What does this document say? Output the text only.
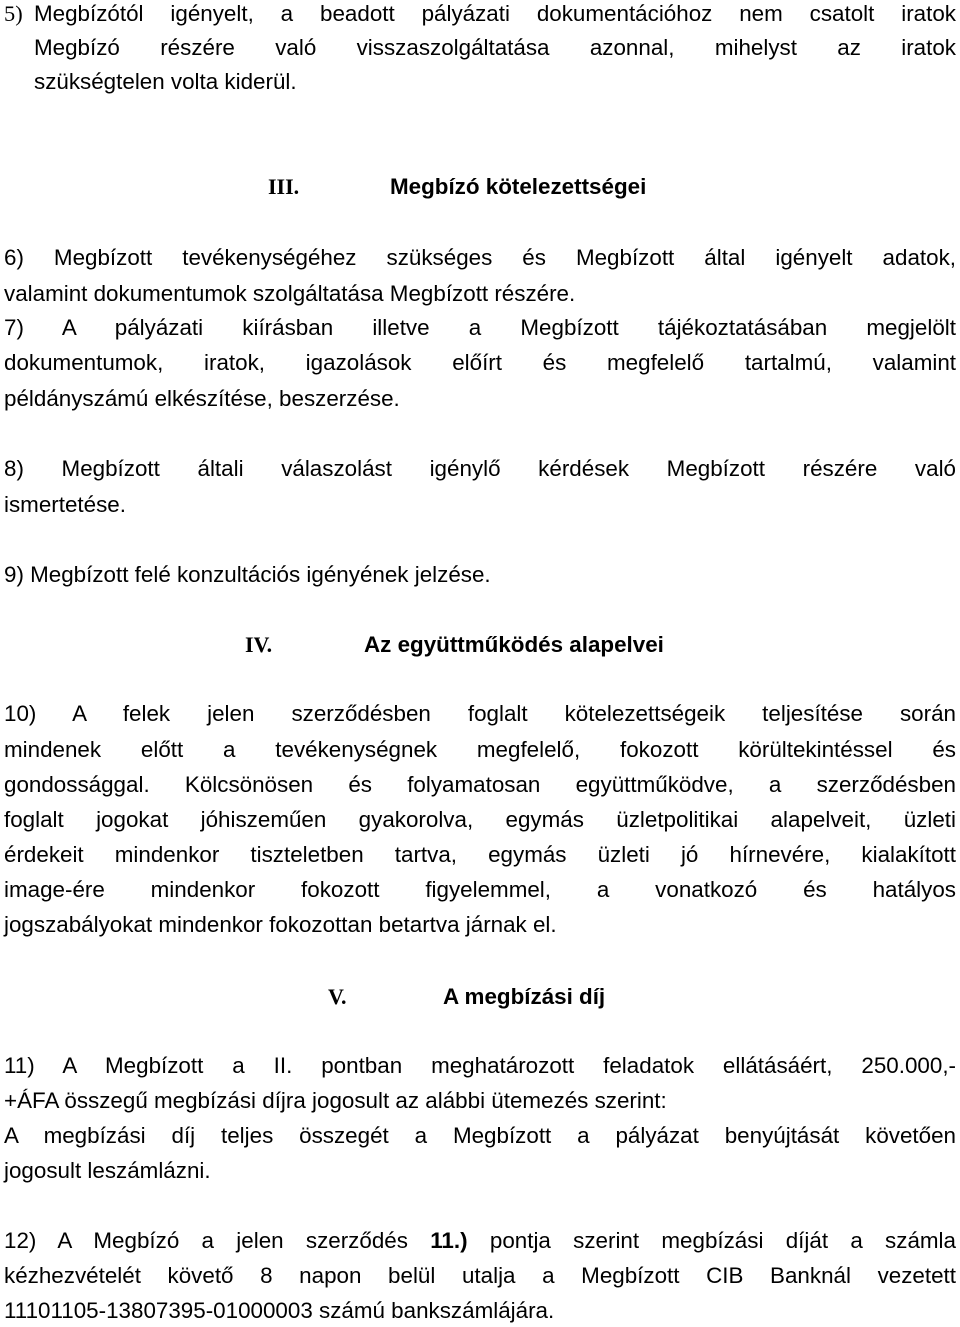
5) Megbízótól igényelt, a beadott pályázati dokumentációhoz nem csatolt iratok
Megbízó részére való visszaszolgáltatása azonnal, mihelyst az iratok
szükségtelen volta kiderül.
III.	Megbízó kötelezettségei
6) Megbízott tevékenységéhez szükséges és Megbízott által igényelt adatok,
valamint dokumentumok szolgáltatása Megbízott részére.
7) A pályázati kiírásban illetve a Megbízott tájékoztatásában megjelölt
dokumentumok, iratok, igazolások előírt és megfelelő tartalmú, valamint
példányszámú elkészítése, beszerzése.
8) Megbízott általi válaszolást igénylő kérdések Megbízott részére való
ismertetése.
9) Megbízott felé konzultációs igényének jelzése.
IV.	Az együttműködés alapelvei
10) A felek jelen szerződésben foglalt kötelezettségeik teljesítése során
mindenek előtt a tevékenységnek megfelelő, fokozott körültekintéssel és
gondossággal. Kölcsönösen és folyamatosan együttműködve, a szerződésben
foglalt jogokat jóhiszeműen gyakorolva, egymás üzletpolitikai alapelveit, üzleti
érdekeit mindenkor tiszteletben tartva, egymás üzleti jó hírnevére, kialakított
image-ére mindenkor fokozott figyelemmel, a vonatkozó és hatályos
jogszabályokat mindenkor fokozottan betartva járnak el.
V.	A megbízási díj
11) A Megbízott a II. pontban meghatározott feladatok ellátásáért, 250.000,-
+ÁFA összegű megbízási díjra jogosult az alábbi ütemezés szerint:
A megbízási díj teljes összegét a Megbízott a pályázat benyújtását követően
jogosult leszámlázni.
12) A Megbízó a jelen szerződés 11.) pontja szerint megbízási díját a számla
kézhezvételét követő 8 napon belül utalja a Megbízott CIB Banknál vezetett
11101105-13807395-01000003 számú bankszámlájára.
